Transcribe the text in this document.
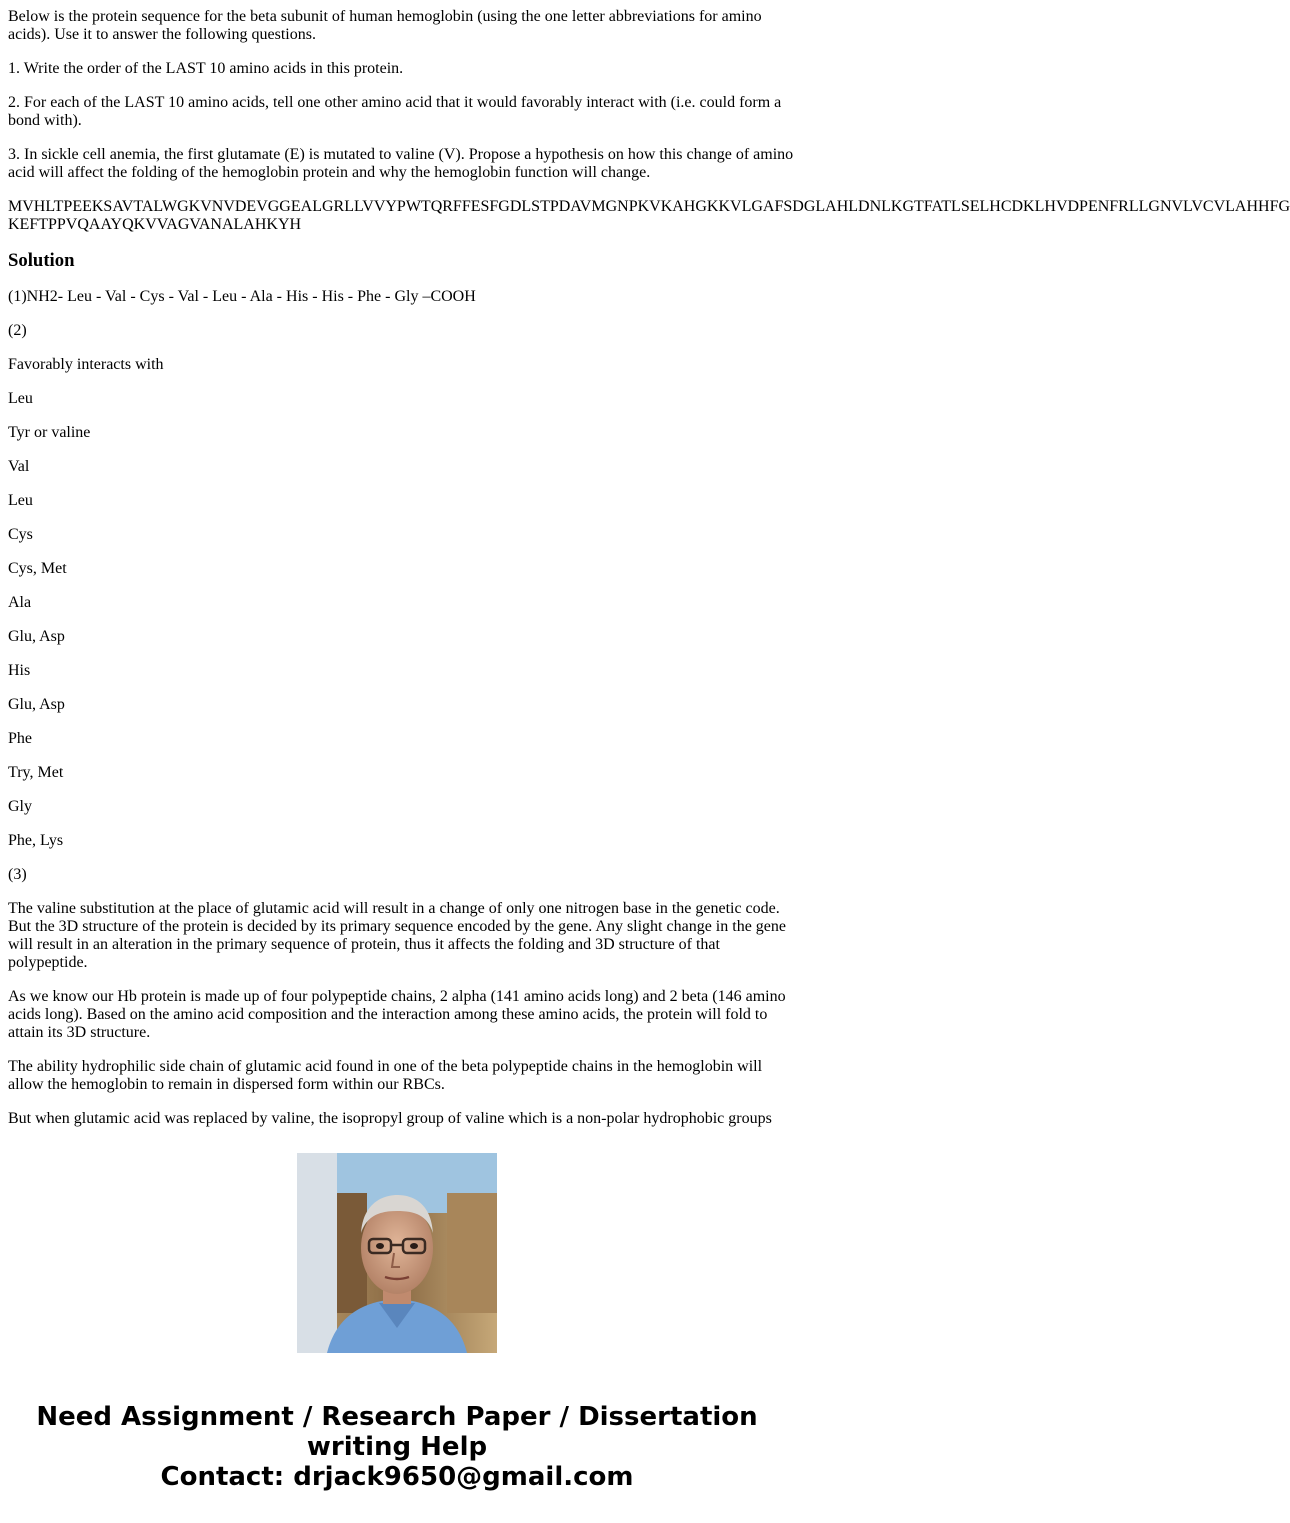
Below is the protein sequence for the beta subunit of human hemoglobin (using the one letter abbreviations for amino acids). Use it to answer the following questions.

1. Write the order of the LAST 10 amino acids in this protein.

2. For each of the LAST 10 amino acids, tell one other amino acid that it would favorably interact with (i.e. could form a bond with).

3. In sickle cell anemia, the first glutamate (E) is mutated to valine (V). Propose a hypothesis on how this change of amino acid will affect the folding of the hemoglobin protein and why the hemoglobin function will change.

MVHLTPEEKSAVTALWGKVNVDEVGGEALGRLLVVYPWTQRFFESFGDLSTPDAVMGNPKVKAHGKKVLGAFSDGLAHLDNLKGTFATLSELHCDKLHVDPENFRLLGNVLVCVLAHHFG
KEFTPPVQAAYQKVVAGVANALAHKYH

Solution

(1)NH2- Leu - Val - Cys - Val - Leu - Ala - His - His - Phe - Gly –COOH

(2)

Favorably interacts with

Leu

Tyr or valine

Val

Leu

Cys

Cys, Met

Ala

Glu, Asp

His

Glu, Asp

Phe

Try, Met

Gly

Phe, Lys

(3)

The valine substitution at the place of glutamic acid will result in a change of only one nitrogen base in the genetic code. But the 3D structure of the protein is decided by its primary sequence encoded by the gene. Any slight change in the gene will result in an alteration in the primary sequence of protein, thus it affects the folding and 3D structure of that polypeptide.

As we know our Hb protein is made up of four polypeptide chains, 2 alpha (141 amino acids long) and 2 beta (146 amino acids long). Based on the amino acid composition and the interaction among these amino acids, the protein will fold to attain its 3D structure.

The ability hydrophilic side chain of glutamic acid found in one of the beta polypeptide chains in the hemoglobin will allow the hemoglobin to remain in dispersed form within our RBCs.

But when glutamic acid was replaced by valine, the isopropyl group of valine which is a non-polar hydrophobic groups

Need Assignment / Research Paper / Dissertation
writing Help
Contact: drjack9650@gmail.com
